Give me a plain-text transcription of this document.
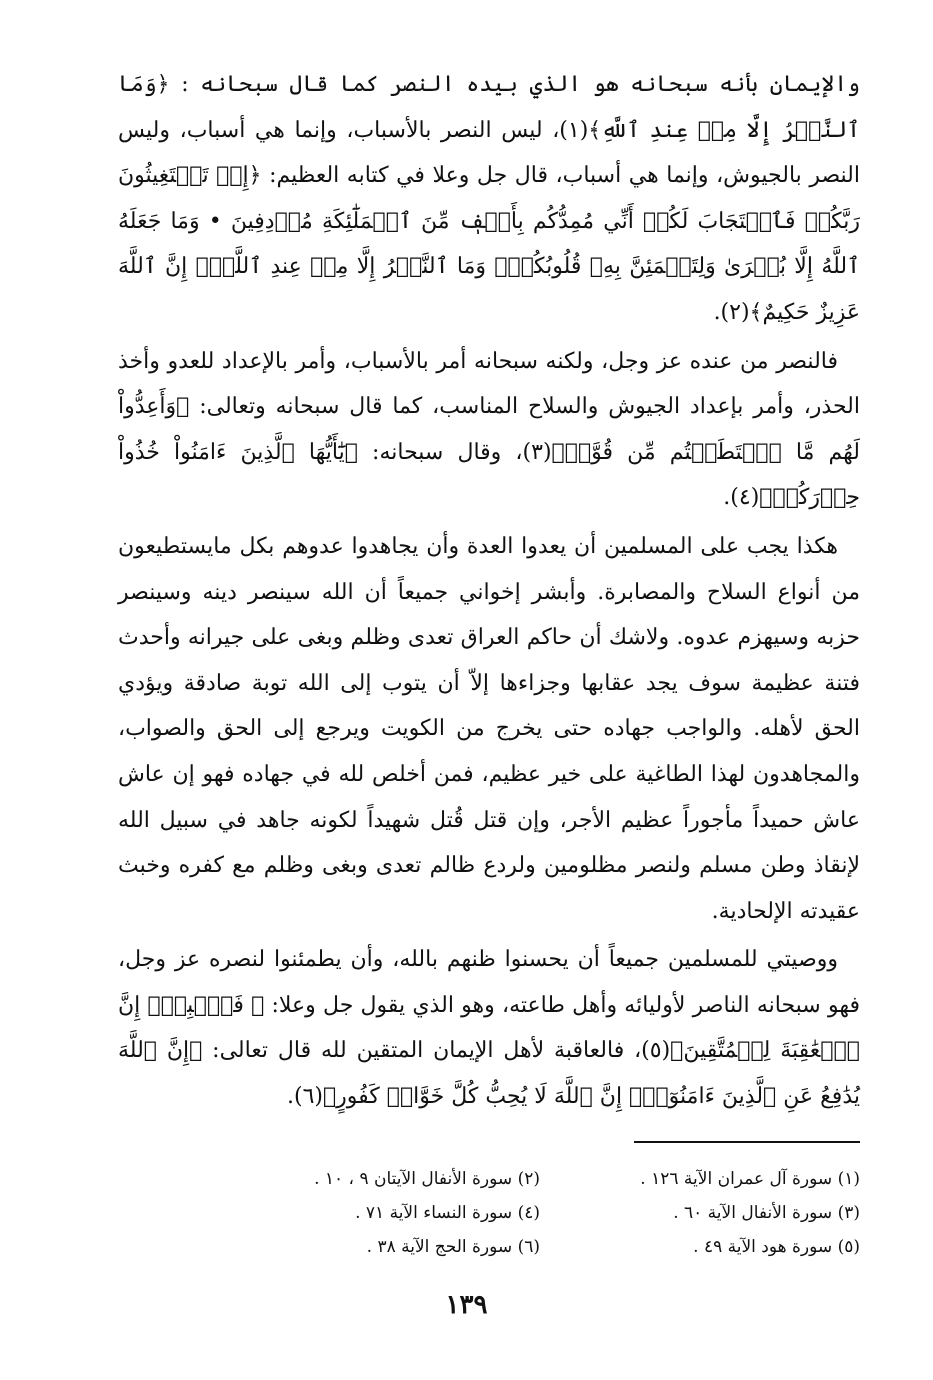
والإيمان بأنه سبحانه هو الذي بيده النصر كما قال سبحانه : ﴿وَمَا ٱلنَّصۡرُ إِلَّا مِنۡ عِندِ ٱللَّهِ﴾(١)، ليس النصر بالأسباب، وإنما هي أسباب، وليس النصر بالجيوش، وإنما هي أسباب، قال جل وعلا في كتابه العظيم: ﴿إِذۡ تَسۡتَغِيثُونَ رَبَّكُمۡ فَٱسۡتَجَابَ لَكُمۡ أَنِّي مُمِدُّكُم بِأَلۡفٖ مِّنَ ٱلۡمَلَٰٓئِكَةِ مُرۡدِفِينَ • وَمَا جَعَلَهُ ٱللَّهُ إِلَّا بُشۡرَىٰ وَلِتَطۡمَئِنَّ بِهِۦ قُلُوبُكُمۡۚ وَمَا ٱلنَّصۡرُ إِلَّا مِنۡ عِندِ ٱللَّهِۚ إِنَّ ٱللَّهَ عَزِيزٌ حَكِيمٌ﴾(٢).

فالنصر من عنده عز وجل، ولكنه سبحانه أمر بالأسباب، وأمر بالإعداد للعدو وأخذ الحذر، وأمر بإعداد الجيوش والسلاح المناسب، كما قال سبحانه وتعالى: ﴿وَأَعِدُّواْ لَهُم مَّا ٱسۡتَطَعۡتُم مِّن قُوَّةٖ﴾(٣)، وقال سبحانه: ﴿يَٰٓأَيُّهَا ٱلَّذِينَ ءَامَنُواْ خُذُواْ حِذۡرَكُمۡ﴾(٤).

هكذا يجب على المسلمين أن يعدوا العدة وأن يجاهدوا عدوهم بكل مايستطيعون من أنواع السلاح والمصابرة. وأبشر إخواني جميعاً أن الله سينصر دينه وسينصر حزبه وسيهزم عدوه. ولاشك أن حاكم العراق تعدى وظلم وبغى على جيرانه وأحدث فتنة عظيمة سوف يجد عقابها وجزاءها إلاّ أن يتوب إلى الله توبة صادقة ويؤدي الحق لأهله. والواجب جهاده حتى يخرج من الكويت ويرجع إلى الحق والصواب، والمجاهدون لهذا الطاغية على خير عظيم، فمن أخلص لله في جهاده فهو إن عاش عاش حميداً مأجوراً عظيم الأجر، وإن قتل قُتل شهيداً لكونه جاهد في سبيل الله لإنقاذ وطن مسلم ولنصر مظلومين ولردع ظالم تعدى وبغى وظلم مع كفره وخبث عقيدته الإلحادية.

ووصيتي للمسلمين جميعاً أن يحسنوا ظنهم بالله، وأن يطمئنوا لنصره عز وجل، فهو سبحانه الناصر لأوليائه وأهل طاعته، وهو الذي يقول جل وعلا: ﴿ فَٱصۡبِرۡۖ إِنَّ ٱلۡعَٰقِبَةَ لِلۡمُتَّقِينَ﴾(٥)، فالعاقبة لأهل الإيمان المتقين لله قال تعالى: ﴿إِنَّ ٱللَّهَ يُدَٰفِعُ عَنِ ٱلَّذِينَ ءَامَنُوٓاْۗ إِنَّ ٱللَّهَ لَا يُحِبُّ كُلَّ خَوَّانٖ كَفُورٍ﴾(٦).

(١) سورة آل عمران الآية ١٢٦ .
(٢) سورة الأنفال الآيتان ٩ ، ١٠ .
(٣) سورة الأنفال الآية ٦٠ .
(٤) سورة النساء الآية ٧١ .
(٥) سورة هود الآية ٤٩ .
(٦) سورة الحج الآية ٣٨ .
١٣٩
